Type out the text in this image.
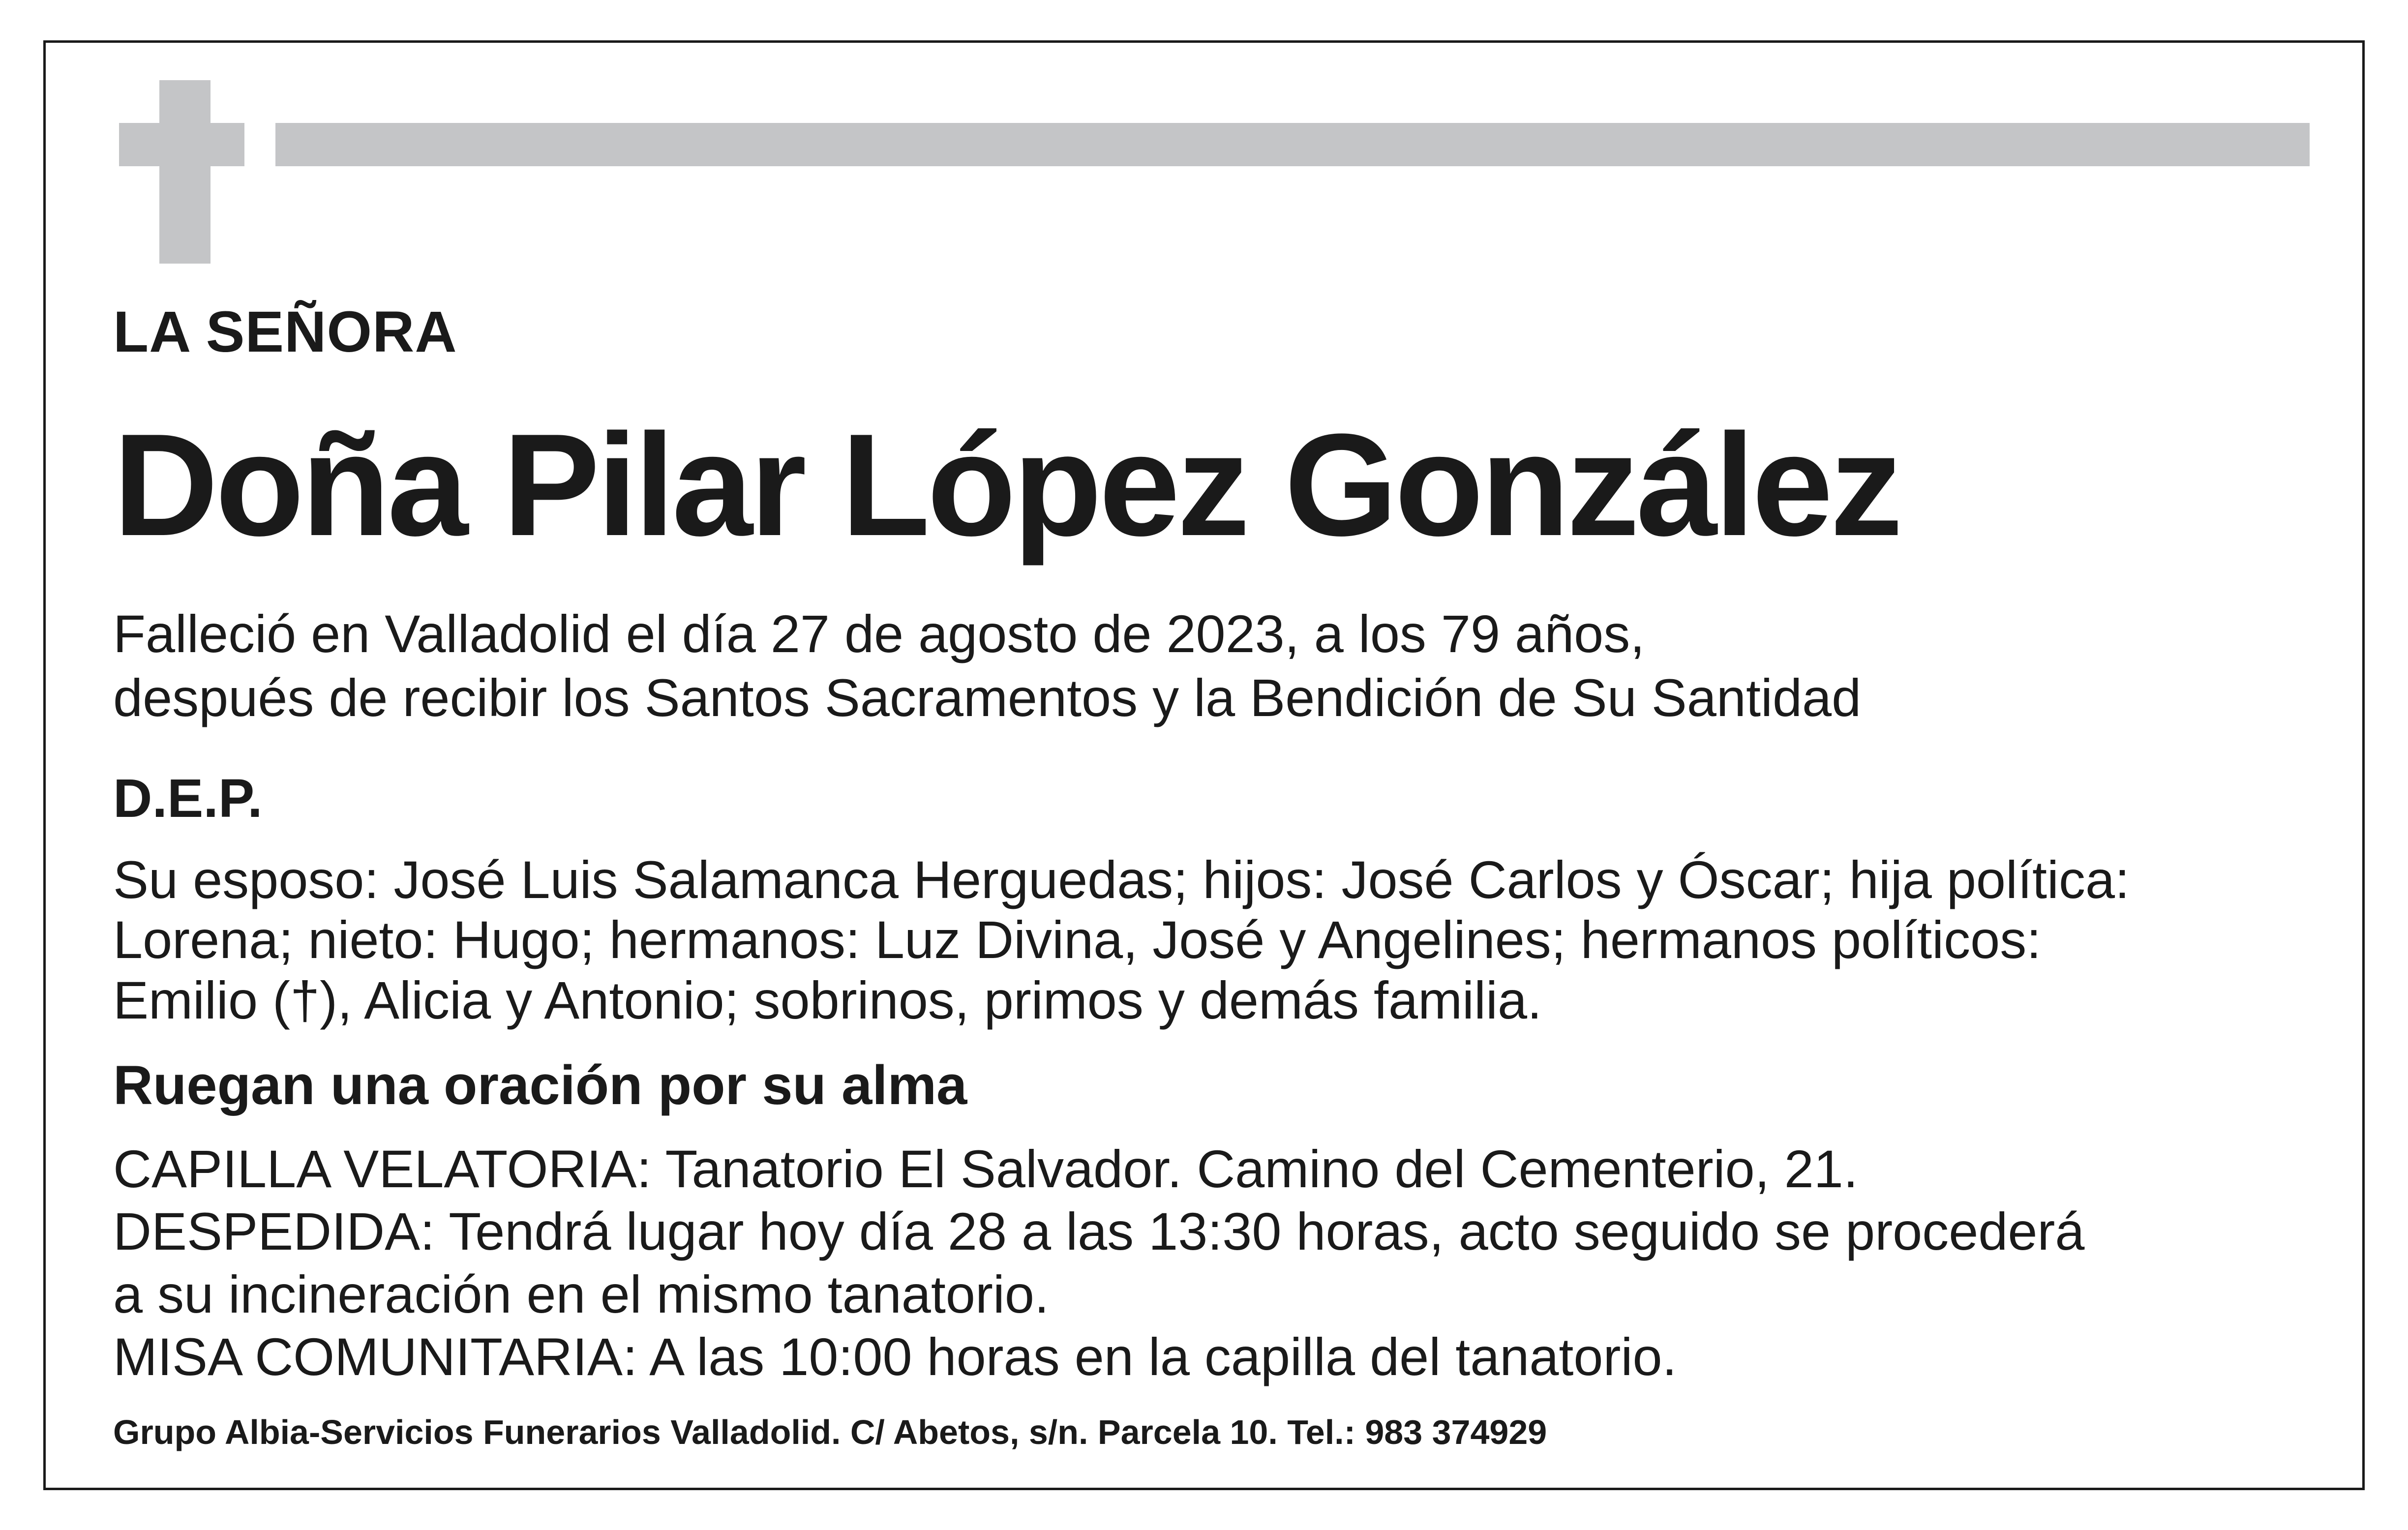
LA SEÑORA

Doña Pilar López González

Falleció en Valladolid el día 27 de agosto de 2023, a los 79 años,

después de recibir los Santos Sacramentos y la Bendición de Su Santidad

D.E.P.

Su esposo: José Luis Salamanca Herguedas; hijos: José Carlos y Óscar; hija política:

Lorena; nieto: Hugo; hermanos: Luz Divina, José y Angelines; hermanos políticos:

Emilio (†), Alicia y Antonio; sobrinos, primos y demás familia.

Ruegan una oración por su alma

CAPILLA VELATORIA: Tanatorio El Salvador. Camino del Cementerio, 21.

DESPEDIDA: Tendrá lugar hoy día 28 a las 13:30 horas, acto seguido se procederá

a su incineración en el mismo tanatorio.

MISA COMUNITARIA: A las 10:00 horas en la capilla del tanatorio.

Grupo Albia-Servicios Funerarios Valladolid. C/ Abetos, s/n. Parcela 10. Tel.: 983 374929
